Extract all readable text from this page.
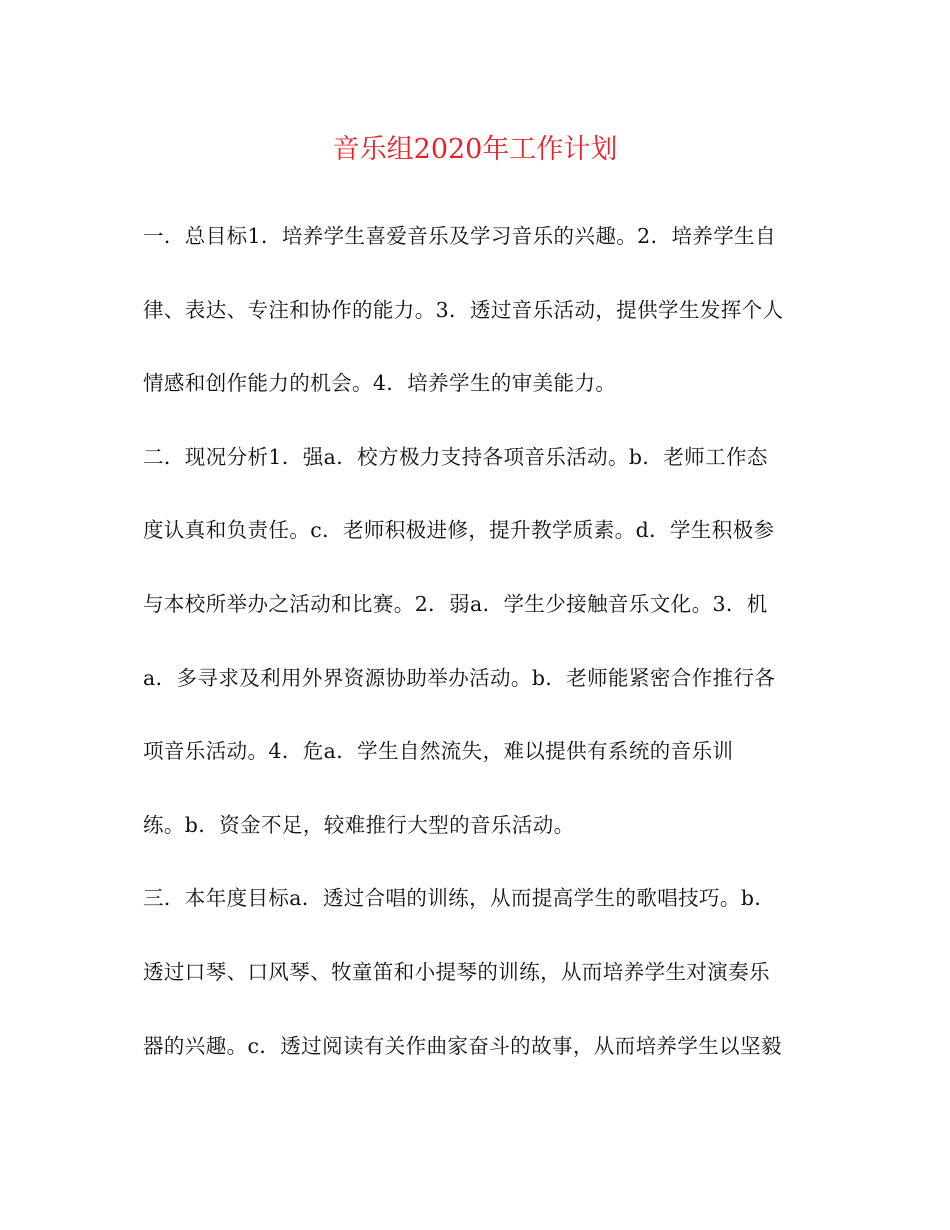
音乐组2020年工作计划
一．总目标1．培养学生喜爱音乐及学习音乐的兴趣。2．培养学生自
律、表达、专注和协作的能力。3．透过音乐活动，提供学生发挥个人
情感和创作能力的机会。4．培养学生的审美能力。
二．现况分析1．强a．校方极力支持各项音乐活动。b．老师工作态
度认真和负责任。c．老师积极进修，提升教学质素。d．学生积极参
与本校所举办之活动和比赛。2．弱a．学生少接触音乐文化。3．机
a．多寻求及利用外界资源协助举办活动。b．老师能紧密合作推行各
项音乐活动。4．危a．学生自然流失，难以提供有系统的音乐训
练。b．资金不足，较难推行大型的音乐活动。
三．本年度目标a．透过合唱的训练，从而提高学生的歌唱技巧。b．
透过口琴、口风琴、牧童笛和小提琴的训练，从而培养学生对演奏乐
器的兴趣。c．透过阅读有关作曲家奋斗的故事，从而培养学生以坚毅
